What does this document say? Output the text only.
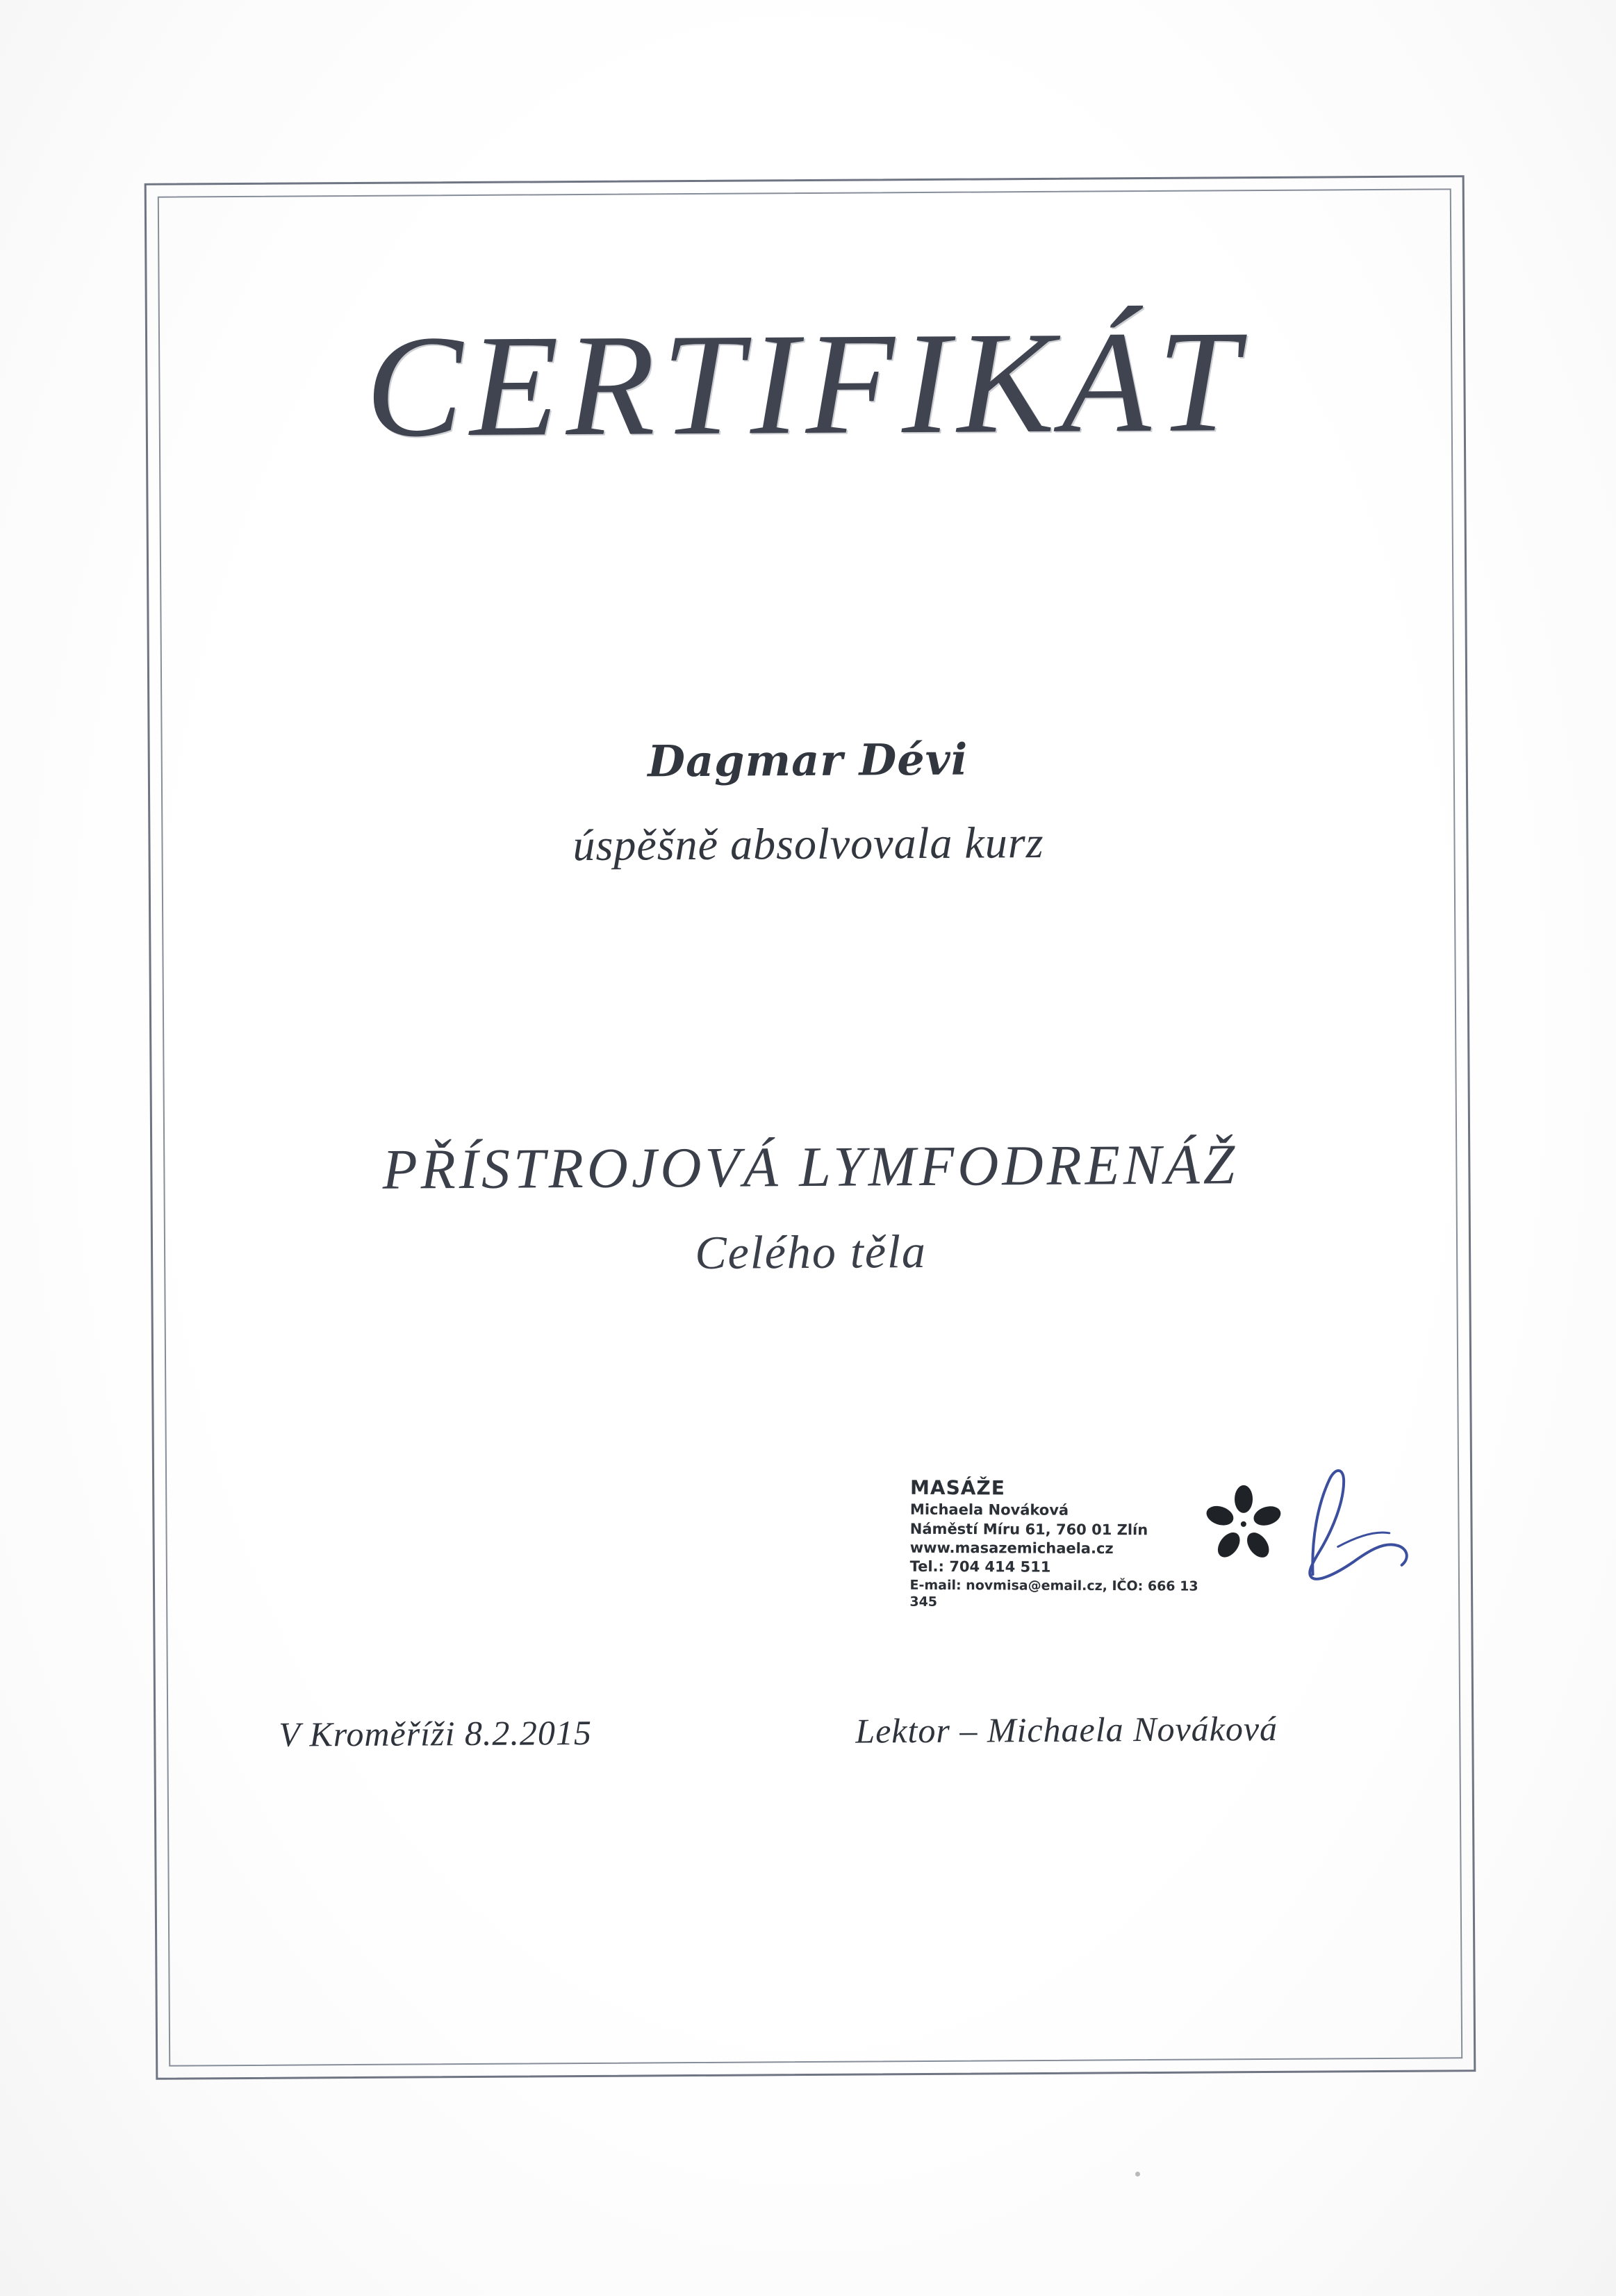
CERTIFIKÁT
Dagmar Dévi
úspěšně absolvovala kurz
PŘÍSTROJOVÁ LYMFODRENÁŽ
Celého těla
MASÁŽE
Michaela Nováková
Náměstí Míru 61, 760 01 Zlín
www.masazemichaela.cz
Tel.: 704 414 511
E-mail: novmisa@email.cz, IČO: 666 13 345
V Kroměříži 8.2.2015	Lektor – Michaela Nováková
